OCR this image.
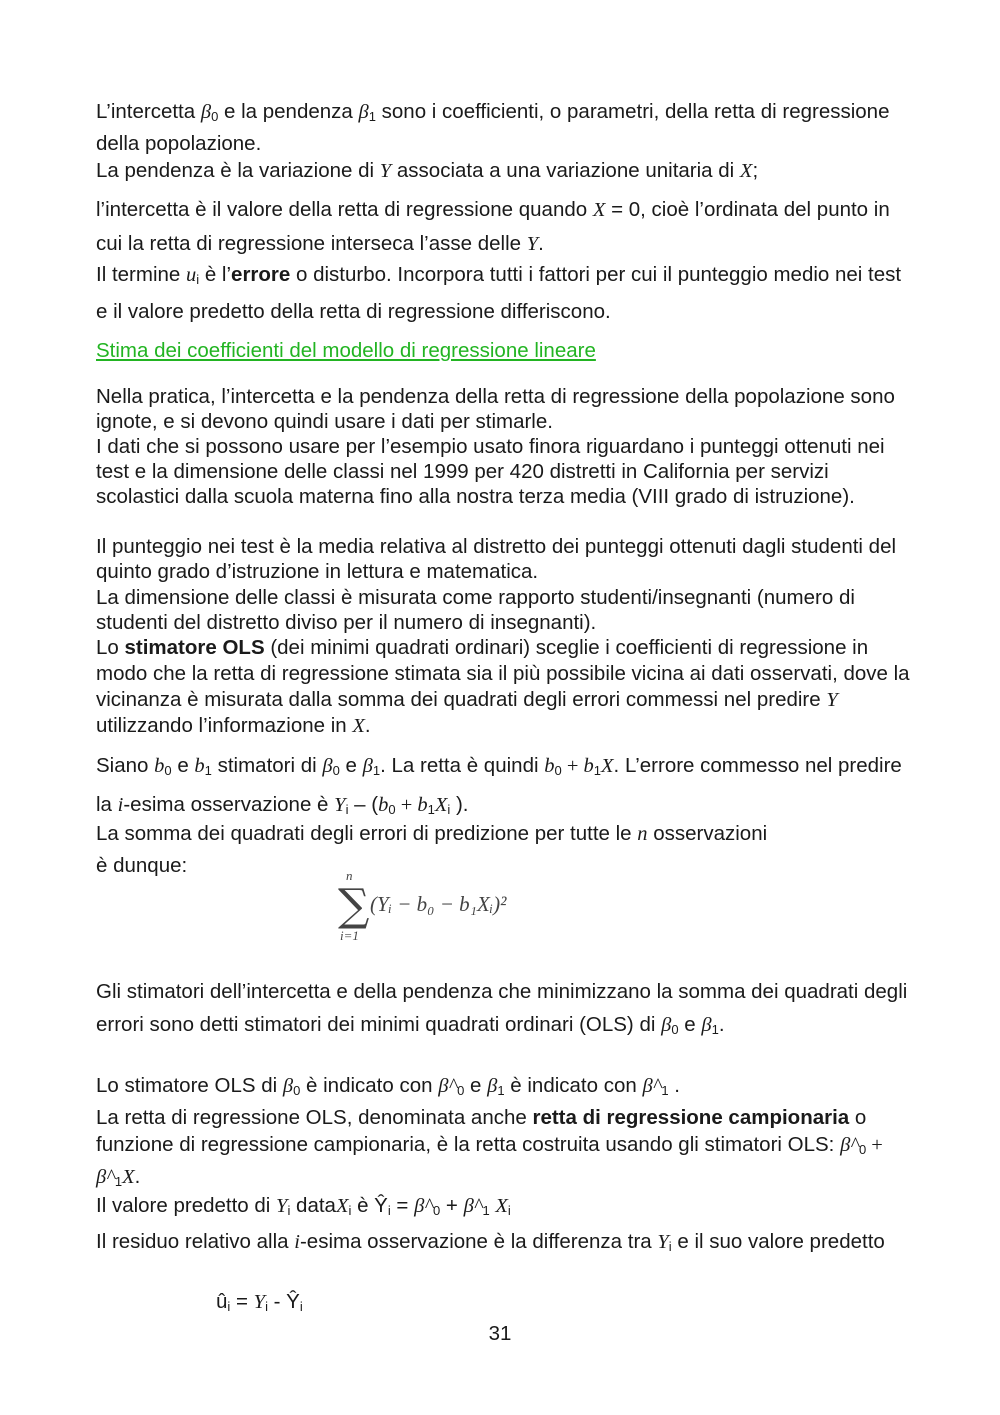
L’intercetta $\beta_0$ e la pendenza $\beta_1$ sono i coefficienti, o parametri, della retta di regressione della popolazione.

La pendenza è la variazione di Y associata a una variazione unitaria di X;

l’intercetta è il valore della retta di regressione quando X = 0, cioè l’ordinata del punto in cui la retta di regressione interseca l’asse delle Y.

Il termine $u_i$ è l’errore o disturbo. Incorpora tutti i fattori per cui il punteggio medio nei test e il valore predetto della retta di regressione differiscono.

Stima dei coefficienti del modello di regressione lineare

Nella pratica, l’intercetta e la pendenza della retta di regressione della popolazione sono ignote, e si devono quindi usare i dati per stimarle.

I dati che si possono usare per l’esempio usato finora riguardano i punteggi ottenuti nei test e la dimensione delle classi nel 1999 per 420 distretti in California per servizi scolastici dalla scuola materna fino alla nostra terza media (VIII grado di istruzione).

Il punteggio nei test è la media relativa al distretto dei punteggi ottenuti dagli studenti del quinto grado d’istruzione in lettura e matematica.

La dimensione delle classi è misurata come rapporto studenti/insegnanti (numero di studenti del distretto diviso per il numero di insegnanti).

Lo stimatore OLS (dei minimi quadrati ordinari) sceglie i coefficienti di regressione in modo che la retta di regressione stimata sia il più possibile vicina ai dati osservati, dove la vicinanza è misurata dalla somma dei quadrati degli errori commessi nel predire Y utilizzando l’informazione in X.

Siano $b_0$ e $b_1$ stimatori di $\beta_0$ e $\beta_1$. La retta è quindi $b_0 + b_1X$. L’errore commesso nel predire la i-esima osservazione è $Y_i - (b_0 + b_1X_i$ ).

La somma dei quadrati degli errori di predizione per tutte le n osservazioni
è dunque:	n
∑
i=1
(Yᵢ − b₀ − b₁Xᵢ)²

Gli stimatori dell’intercetta e della pendenza che minimizzano la somma dei quadrati degli errori sono detti stimatori dei minimi quadrati ordinari (OLS) di $\beta_0$ e $\beta_1$.

Lo stimatore OLS di $\beta_0$ è indicato con $\beta\^{}_0$ e $\beta_1$ è indicato con $\beta\^{}_1$ .

La retta di regressione OLS, denominata anche retta di regressione campionaria o funzione di regressione campionaria, è la retta costruita usando gli stimatori OLS: $\beta\^{}_0$ + $\beta\^{}_1X$.

Il valore predetto di $Y_i$ dataX$_i$ è $Ŷ_i$ = $\beta\^{}_0$ + $\beta\^{}_1$ $X_i$

Il residuo relativo alla i-esima osservazione è la differenza tra $Y_i$ e il suo valore predetto

$û_i = Y_i$ - $Ŷ_i$

31
